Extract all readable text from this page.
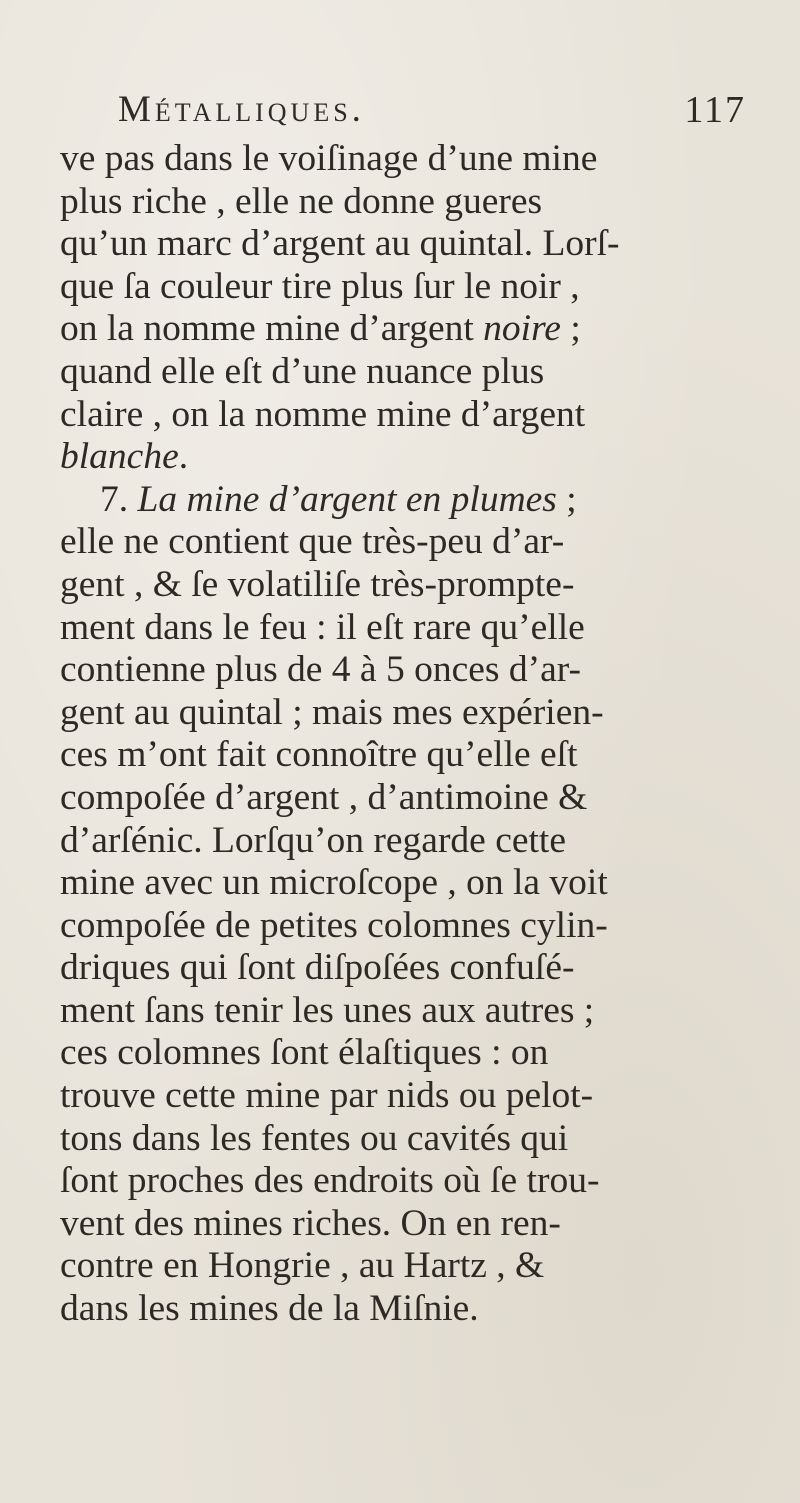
Métalliques.	117
ve pas dans le voiſinage d’une mine
plus riche , elle ne donne gueres
qu’un marc d’argent au quintal. Lorſ-
que ſa couleur tire plus ſur le noir ,
on la nomme mine d’argent noire ;
quand elle eſt d’une nuance plus
claire , on la nomme mine d’argent
blanche.
7. La mine d’argent en plumes ;
elle ne contient que très-peu d’ar-
gent , & ſe volatiliſe très-prompte-
ment dans le feu : il eſt rare qu’elle
contienne plus de 4 à 5 onces d’ar-
gent au quintal ; mais mes expérien-
ces m’ont fait connoître qu’elle eſt
compoſée d’argent , d’antimoine &
d’arſénic. Lorſqu’on regarde cette
mine avec un microſcope , on la voit
compoſée de petites colomnes cylin-
driques qui ſont diſpoſées confuſé-
ment ſans tenir les unes aux autres ;
ces colomnes ſont élaſtiques : on
trouve cette mine par nids ou pelot-
tons dans les fentes ou cavités qui
ſont proches des endroits où ſe trou-
vent des mines riches. On en ren-
contre en Hongrie , au Hartz , &
dans les mines de la Miſnie.
